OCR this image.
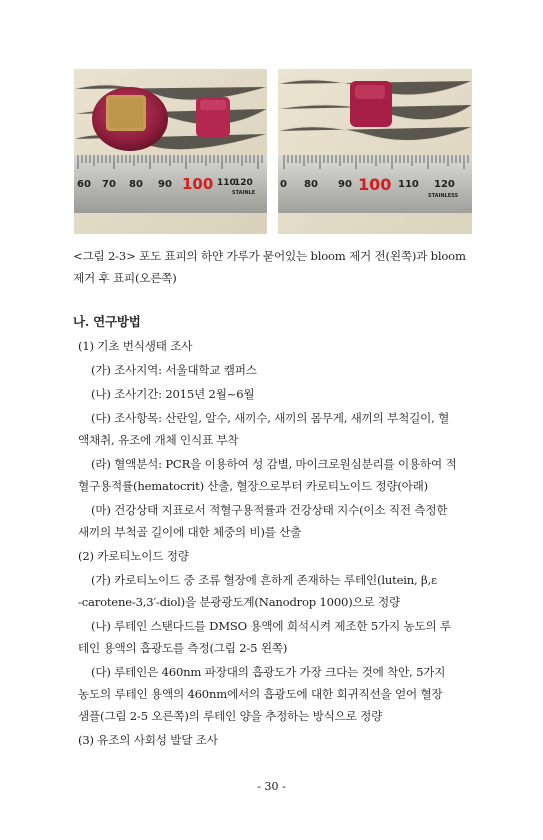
60 70 80 90 100 110
120
STAINLE
0 80 90 100 110 120
STAINLESS
<그림 2-3> 포도 표피의 하얀 가루가 묻어있는 bloom 제거 전(왼쪽)과 bloom
제거 후 표피(오른쪽)
나. 연구방법
(1) 기초 번식생태 조사
(가) 조사지역: 서울대학교 캠퍼스
(나) 조사기간: 2015년 2월~6월
(다) 조사항목: 산란일, 알수, 새끼수, 새끼의 몸무게, 새끼의 부척길이, 혈
액채취, 유조에 개체 인식표 부착
(라) 혈액분석: PCR을 이용하여 성 감별, 마이크로원심분리를 이용하여 적
혈구용적률(hematocrit) 산출, 혈장으로부터 카로티노이드 정량(아래)
(마) 건강상태 지표로서 적혈구용적률과 건강상태 지수(이소 직전 측정한
새끼의 부척골 길이에 대한 체중의 비)를 산출
(2) 카로티노이드 정량
(가) 카로티노이드 중 조류 혈장에 흔하게 존재하는 루테인(lutein, β,ε
-carotene-3,3′-diol)을 분광광도계(Nanodrop 1000)으로 정량
(나) 루테인 스탠다드를 DMSO 용액에 희석시켜 제조한 5가지 농도의 루
테인 용액의 흡광도를 측정(그림 2-5 왼쪽)
(다) 루테인은 460nm 파장대의 흡광도가 가장 크다는 것에 착안, 5가지
농도의 루테인 용액의 460nm에서의 흡광도에 대한 회귀직선을 얻어 혈장
샘플(그림 2-5 오른쪽)의 루테인 양을 추정하는 방식으로 정량
(3) 유조의 사회성 발달 조사
- 30 -
